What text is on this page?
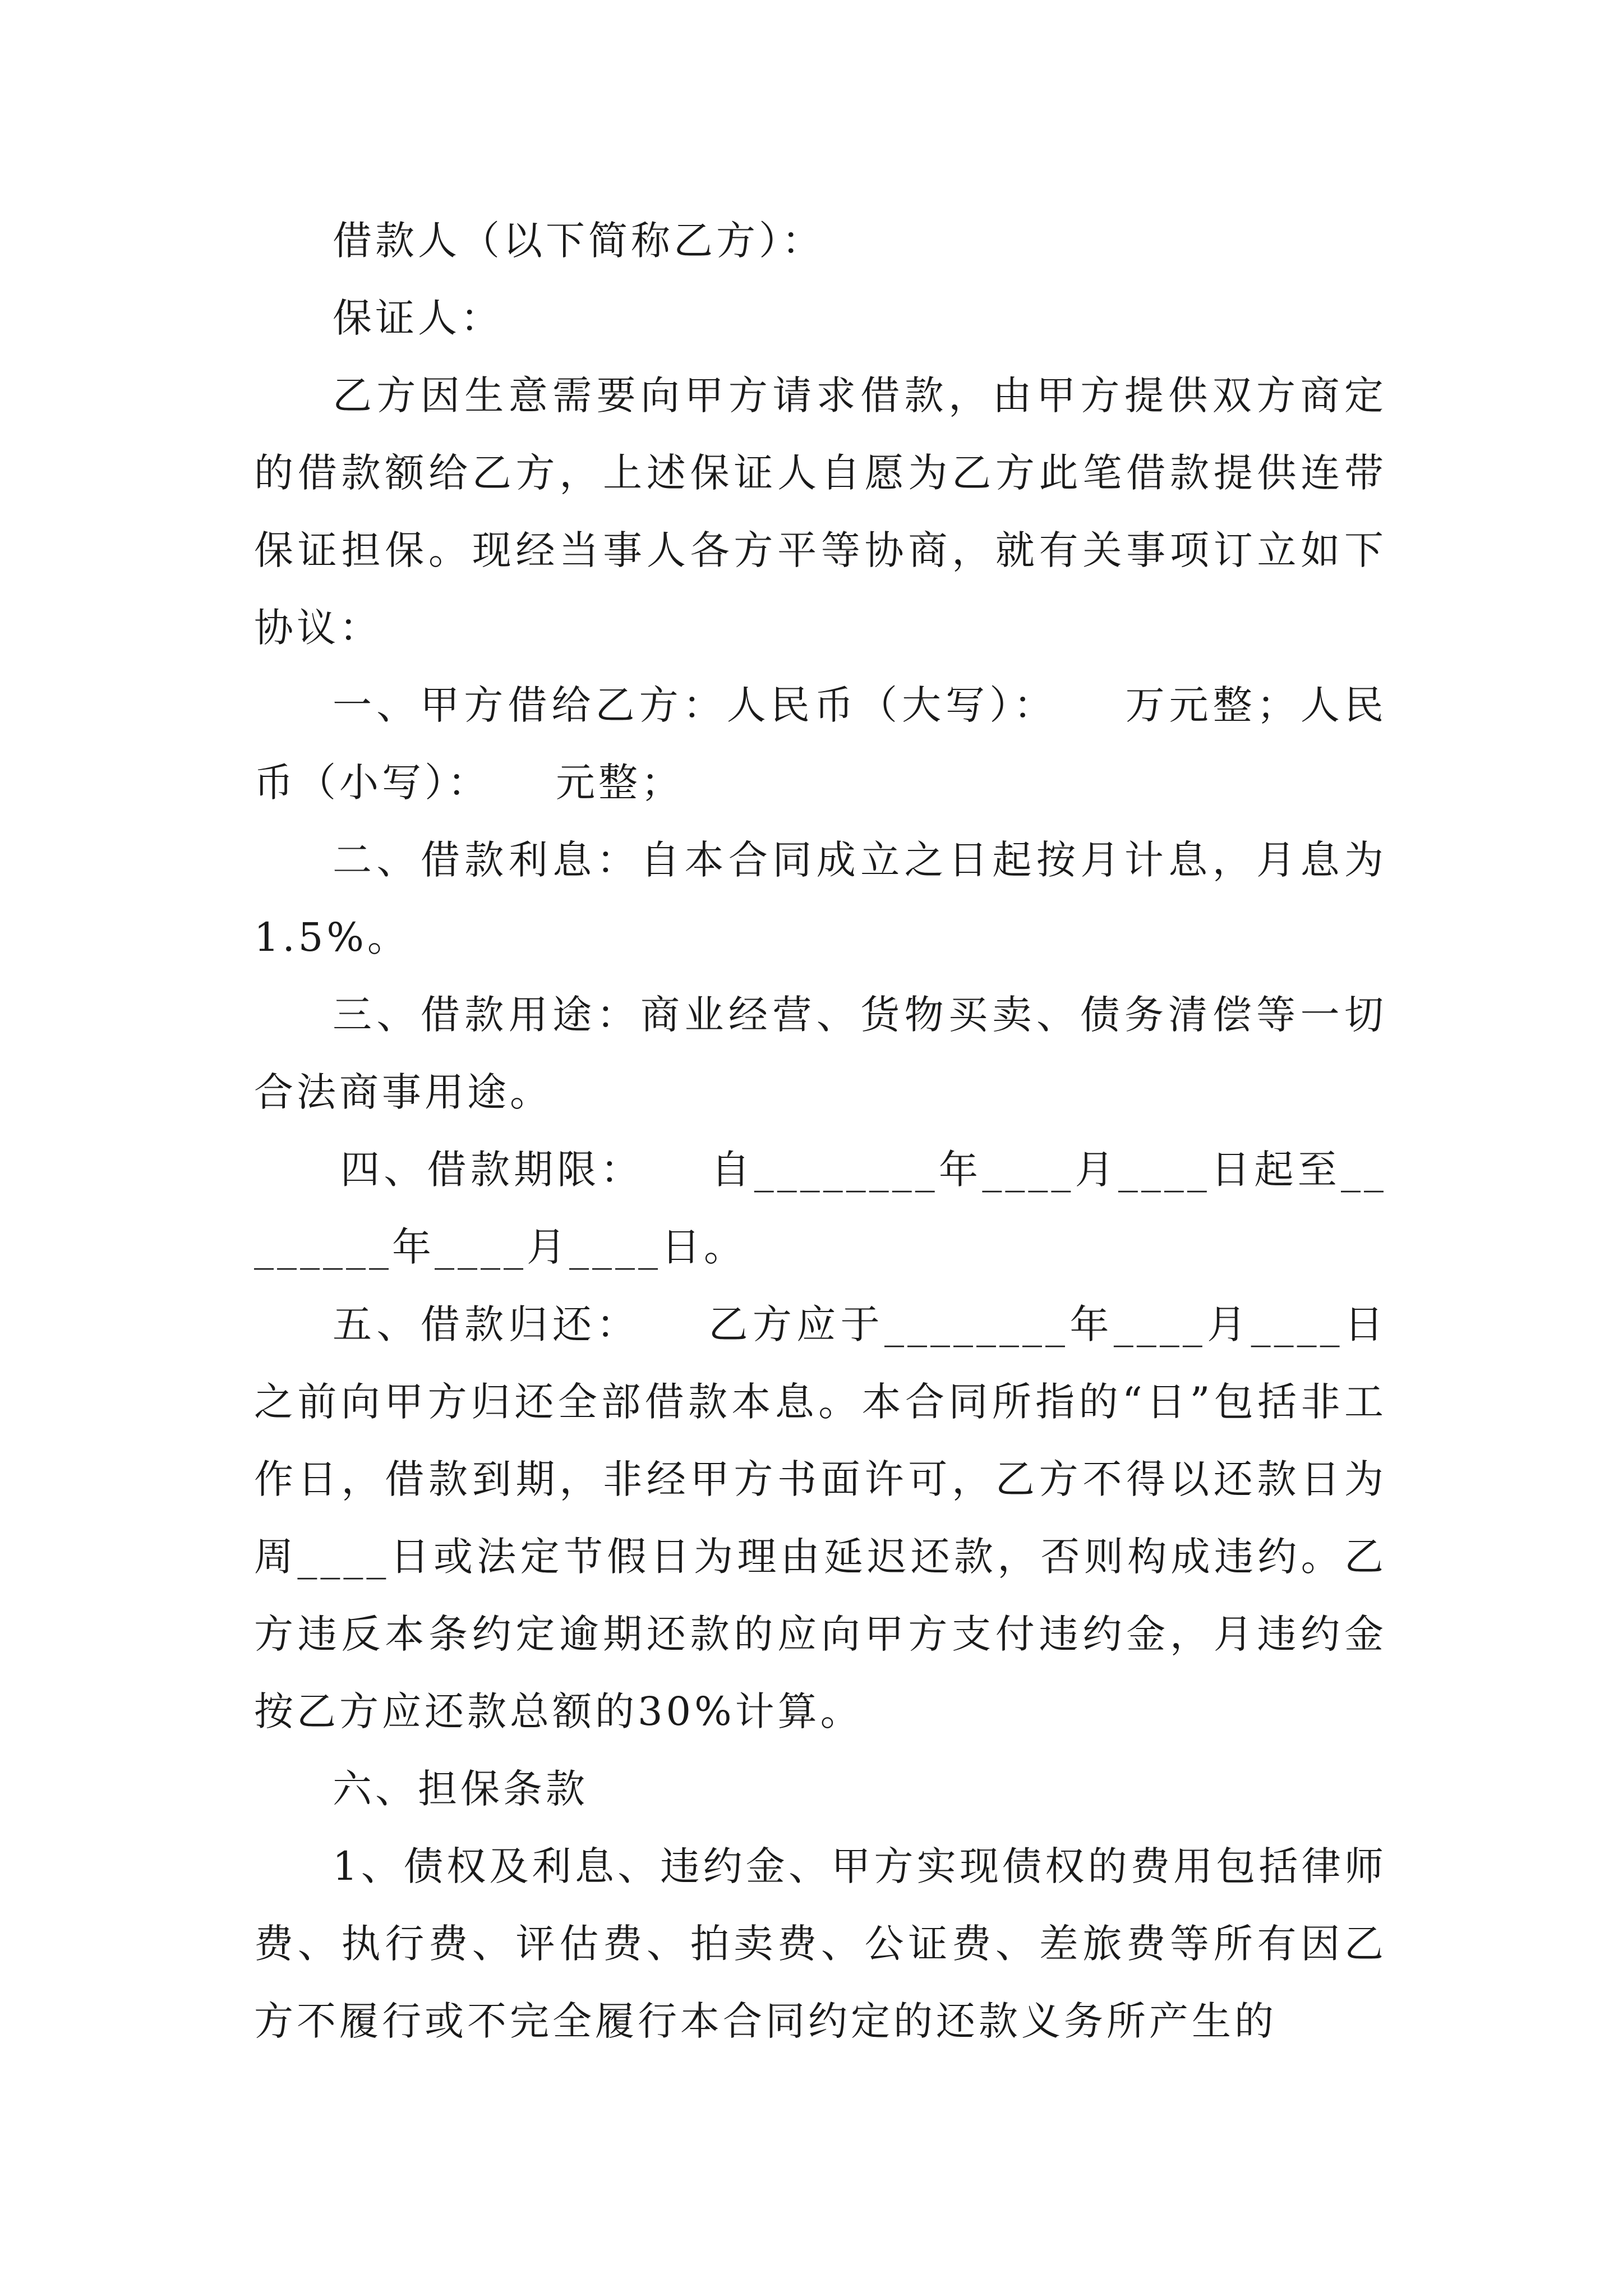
借款人（以下简称乙方）：

保证人：

乙方因生意需要向甲方请求借款，由甲方提供双方商定的借款额给乙方，上述保证人自愿为乙方此笔借款提供连带保证担保。现经当事人各方平等协商，就有关事项订立如下协议：

一、甲方借给乙方：人民币（大写）：　　万元整；人民币（小写）：　　元整；

二、借款利息：自本合同成立之日起按月计息，月息为1.5%。

三、借款用途：商业经营、货物买卖、债务清偿等一切合法商事用途。

四、借款期限：　　自________年____月____日起至________年____月____日。

五、借款归还：　　乙方应于________年____月____日之前向甲方归还全部借款本息。本合同所指的“日”包括非工作日，借款到期，非经甲方书面许可，乙方不得以还款日为周____日或法定节假日为理由延迟还款，否则构成违约。乙方违反本条约定逾期还款的应向甲方支付违约金，月违约金按乙方应还款总额的30%计算。

六、担保条款

1、债权及利息、违约金、甲方实现债权的费用包括律师费、执行费、评估费、拍卖费、公证费、差旅费等所有因乙方不履行或不完全履行本合同约定的还款义务所产生的
